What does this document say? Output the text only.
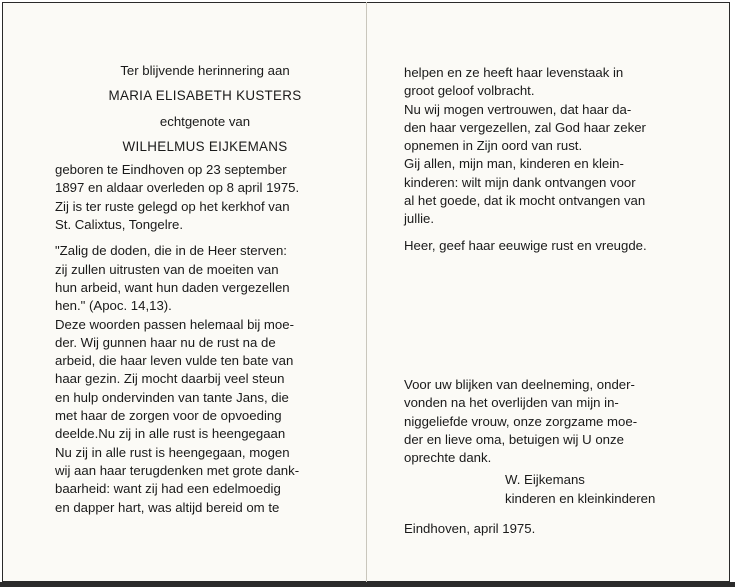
Ter blijvende herinnering aan
MARIA ELISABETH KUSTERS
echtgenote van
WILHELMUS EIJKEMANS
geboren te Eindhoven op 23 september
1897 en aldaar overleden op 8 april 1975.
Zij is ter ruste gelegd op het kerkhof van
St. Calixtus, Tongelre.
"Zalig de doden, die in de Heer sterven:
zij zullen uitrusten van de moeiten van
hun arbeid, want hun daden vergezellen
hen." (Apoc. 14,13).
Deze woorden passen helemaal bij moe-
der. Wij gunnen haar nu de rust na de
arbeid, die haar leven vulde ten bate van
haar gezin. Zij mocht daarbij veel steun
en hulp ondervinden van tante Jans, die
met haar de zorgen voor de opvoeding
deelde.Nu zij in alle rust is heengegaan
Nu zij in alle rust is heengegaan, mogen
wij aan haar terugdenken met grote dank-
baarheid: want zij had een edelmoedig
en dapper hart, was altijd bereid om te
helpen en ze heeft haar levenstaak in
groot geloof volbracht.
Nu wij mogen vertrouwen, dat haar da-
den haar vergezellen, zal God haar zeker
opnemen in Zijn oord van rust.
Gij allen, mijn man, kinderen en klein-
kinderen: wilt mijn dank ontvangen voor
al het goede, dat ik mocht ontvangen van
jullie.
Heer, geef haar eeuwige rust en vreugde.
Voor uw blijken van deelneming, onder-
vonden na het overlijden van mijn in-
niggeliefde vrouw, onze zorgzame moe-
der en lieve oma, betuigen wij U onze
oprechte dank.
W. Eijkemans
kinderen en kleinkinderen
Eindhoven, april 1975.
